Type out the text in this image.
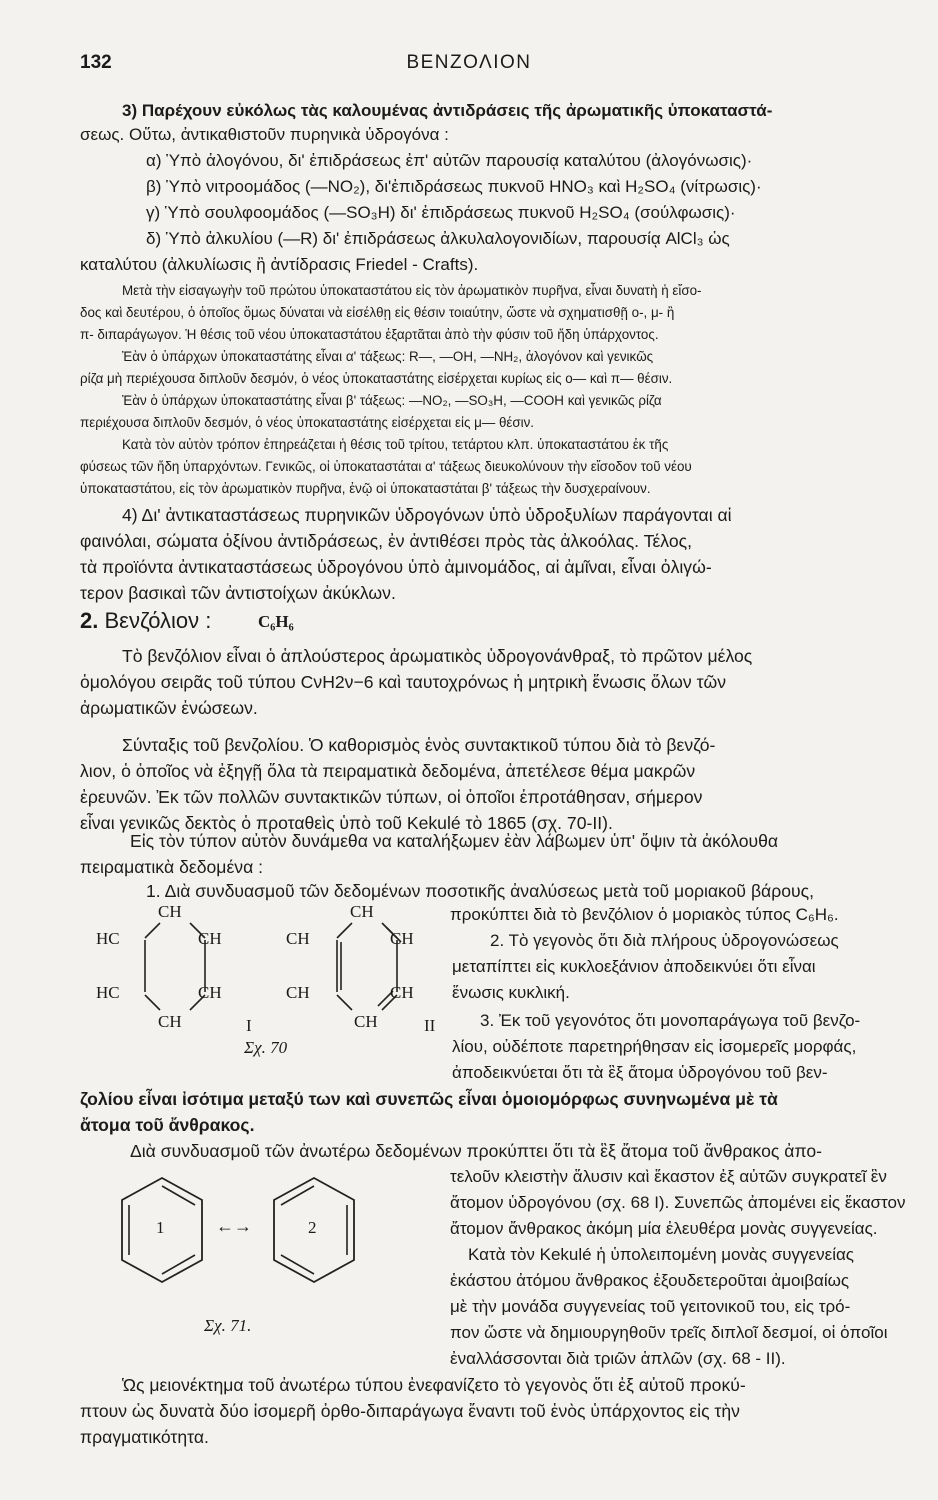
132	ΒΕΝΖΟΛΙΟΝ
3) Παρέχουν εὐκόλως τὰς καλουμένας ἀντιδράσεις τῆς ἀρωματικῆς ὑποκαταστά-
σεως. Οὕτω, ἀντικαθιστοῦν πυρηνικὰ ὑδρογόνα :
α) Ὑπὸ ἀλογόνου, δι' ἐπιδράσεως ἐπ' αὐτῶν παρουσίᾳ καταλύτου (ἀλογόνωσις)·
β) Ὑπὸ νιτροομάδος (—NO₂), δι'ἐπιδράσεως πυκνοῦ HNO₃ καὶ H₂SO₄ (νίτρωσις)·
γ) Ὑπὸ σουλφοομάδος (—SO₃H) δι' ἐπιδράσεως πυκνοῦ H₂SO₄ (σούλφωσις)·
δ) Ὑπὸ ἀλκυλίου (—R) δι' ἐπιδράσεως ἀλκυλαλογονιδίων, παρουσίᾳ AlCl₃ ὡς
καταλύτου (ἀλκυλίωσις ἢ ἀντίδρασις Friedel - Crafts).
Μετὰ τὴν εἰσαγωγὴν τοῦ πρώτου ὑποκαταστάτου εἰς τὸν ἀρωματικὸν πυρῆνα, εἶναι δυνατὴ ἡ εἴσο-
δος καὶ δευτέρου, ὁ ὁποῖος ὅμως δύναται νὰ εἰσέλθῃ εἰς θέσιν τοιαύτην, ὥστε νὰ σχηματισθῇ ο-, μ- ἢ
π- διπαράγωγον. Ἡ θέσις τοῦ νέου ὑποκαταστάτου ἐξαρτᾶται ἀπὸ τὴν φύσιν τοῦ ἤδη ὑπάρχοντος.
Ἐὰν ὁ ὑπάρχων ὑποκαταστάτης εἶναι α' τάξεως: R—, —OH, —NH₂, ἀλογόνον καὶ γενικῶς
ρίζα μὴ περιέχουσα διπλοῦν δεσμόν, ὁ νέος ὑποκαταστάτης εἰσέρχεται κυρίως εἰς ο— καὶ π— θέσιν.
Ἐὰν ὁ ὑπάρχων ὑποκαταστάτης εἶναι β' τάξεως: —NO₂, —SO₃H, —COOH καὶ γενικῶς ρίζα
περιέχουσα διπλοῦν δεσμόν, ὁ νέος ὑποκαταστάτης εἰσέρχεται εἰς μ— θέσιν.
Κατὰ τὸν αὐτὸν τρόπον ἐπηρεάζεται ἡ θέσις τοῦ τρίτου, τετάρτου κλπ. ὑποκαταστάτου ἐκ τῆς
φύσεως τῶν ἤδη ὑπαρχόντων. Γενικῶς, οἱ ὑποκαταστάται α' τάξεως διευκολύνουν τὴν εἴσοδον τοῦ νέου
ὑποκαταστάτου, εἰς τὸν ἀρωματικὸν πυρῆνα, ἐνῷ οἱ ὑποκαταστάται β' τάξεως τὴν δυσχεραίνουν.
4) Δι' ἀντικαταστάσεως πυρηνικῶν ὑδρογόνων ὑπὸ ὑδροξυλίων παράγονται αἱ
φαινόλαι, σώματα ὀξίνου ἀντιδράσεως, ἐν ἀντιθέσει πρὸς τὰς ἀλκοόλας. Τέλος,
τὰ προϊόντα ἀντικαταστάσεως ὑδρογόνου ὑπὸ ἀμινομάδος, αἱ ἀμῖναι, εἶναι ὀλιγώ-
τερον βασικαὶ τῶν ἀντιστοίχων ἀκύκλων.
2. Βενζόλιον :	C₆H₆
Τὸ βενζόλιον εἶναι ὁ ἁπλούστερος ἀρωματικὸς ὑδρογονάνθραξ, τὸ πρῶτον μέλος
ὁμολόγου σειρᾶς τοῦ τύπου CνH2ν−6 καὶ ταυτοχρόνως ἡ μητρικὴ ἕνωσις ὅλων τῶν
ἀρωματικῶν ἐνώσεων.
Σύνταξις τοῦ βενζολίου. Ὁ καθορισμὸς ἑνὸς συντακτικοῦ τύπου διὰ τὸ βενζό-
λιον, ὁ ὁποῖος νὰ ἐξηγῇ ὅλα τὰ πειραματικὰ δεδομένα, ἀπετέλεσε θέμα μακρῶν
ἐρευνῶν. Ἐκ τῶν πολλῶν συντακτικῶν τύπων, οἱ ὁποῖοι ἐπροτάθησαν, σήμερον
εἶναι γενικῶς δεκτὸς ὁ προταθεὶς ὑπὸ τοῦ Kekulé τὸ 1865 (σχ. 70-ΙΙ).
Εἰς τὸν τύπον αὐτὸν δυνάμεθα να καταλήξωμεν ἐὰν λάβωμεν ὑπ' ὄψιν τὰ ἀκόλουθα
πειραματικὰ δεδομένα :
1. Διὰ συνδυασμοῦ τῶν δεδομένων ποσοτικῆς ἀναλύσεως μετὰ τοῦ μοριακοῦ βάρους,
CH
HC	CH
HC	CH
CH	I
CH
CH	CH
CH	CH
CH	II
Σχ. 70
προκύπτει διὰ τὸ βενζόλιον ὁ μοριακὸς τύπος C₆H₆.
2. Τὸ γεγονὸς ὅτι διὰ πλήρους ὑδρογονώσεως
μεταπίπτει εἰς κυκλοεξάνιον ἀποδεικνύει ὅτι εἶναι
ἕνωσις κυκλική.
3. Ἐκ τοῦ γεγονότος ὅτι μονοπαράγωγα τοῦ βενζο-
λίου, οὐδέποτε παρετηρήθησαν εἰς ἰσομερεῖς μορφάς,
ἀποδεικνύεται ὅτι τὰ ἓξ ἄτομα ὑδρογόνου τοῦ βεν-
ζολίου εἶναι ἰσότιμα μεταξύ των καὶ συνεπῶς εἶναι ὁμοιομόρφως συνηνωμένα μὲ τὰ
ἄτομα τοῦ ἄνθρακος.
Διὰ συνδυασμοῦ τῶν ἀνωτέρω δεδομένων προκύπτει ὅτι τὰ ἓξ ἄτομα τοῦ ἄνθρακος ἀπο-
1	←→	2
Σχ. 71.
τελοῦν κλειστὴν ἅλυσιν καὶ ἕκαστον ἐξ αὐτῶν συγκρατεῖ ἓν
ἄτομον ὑδρογόνου (σχ. 68 Ι). Συνεπῶς ἀπομένει εἰς ἕκαστον
ἄτομον ἄνθρακος ἀκόμη μία ἐλευθέρα μονὰς συγγενείας.
Κατὰ τὸν Kekulé ἡ ὑπολειπομένη μονὰς συγγενείας
ἑκάστου ἀτόμου ἄνθρακος ἐξουδετεροῦται ἀμοιβαίως
μὲ τὴν μονάδα συγγενείας τοῦ γειτονικοῦ του, εἰς τρό-
πον ὥστε νὰ δημιουργηθοῦν τρεῖς διπλοῖ δεσμοί, οἱ ὁποῖοι
ἐναλλάσσονται διὰ τριῶν ἁπλῶν (σχ. 68 - ΙΙ).
Ὡς μειονέκτημα τοῦ ἀνωτέρω τύπου ἐνεφανίζετο τὸ γεγονὸς ὅτι ἐξ αὐτοῦ προκύ-
πτουν ὡς δυνατὰ δύο ἰσομερῆ ὀρθο-διπαράγωγα ἔναντι τοῦ ἑνὸς ὑπάρχοντος εἰς τὴν
πραγματικότητα.
